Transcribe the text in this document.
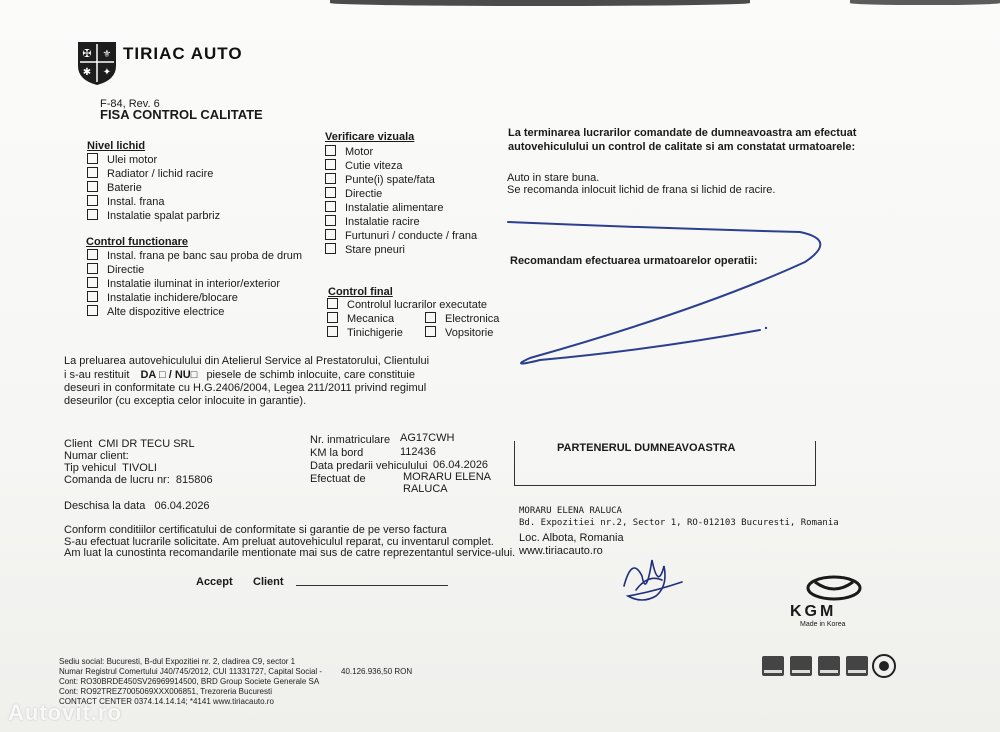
✠ ⚜
✱ ✦
TIRIAC AUTO
F-84, Rev. 6
FISA CONTROL CALITATE
Nivel lichid
Ulei motor
Radiator / lichid racire
Baterie
Instal. frana
Instalatie spalat parbriz
Control functionare
Instal. frana pe banc sau proba de drum
Directie
Instalatie iluminat in interior/exterior
Instalatie inchidere/blocare
Alte dispozitive electrice
Verificare vizuala
Motor
Cutie viteza
Punte(i) spate/fata
Directie
Instalatie alimentare
Instalatie racire
Furtunuri / conducte / frana
Stare pneuri
Control final
Controlul lucrarilor executate
Mecanica	Electronica
Tinichigerie	Vopsitorie
La terminarea lucrarilor comandate de dumneavoastra am efectuat
autovehiculului un control de calitate si am constatat urmatoarele:
Auto in stare buna.
Se recomanda inlocuit lichid de frana si lichid de racire.
Recomandam efectuarea urmatoarelor operatii:
La preluarea autovehiculului din Atelierul Service al Prestatorului, Clientului
i s-au restituit DA □ / NU□ piesele de schimb inlocuite, care constituie
deseuri in conformitate cu H.G.2406/2004, Legea 211/2011 privind regimul
deseurilor (cu exceptia celor inlocuite in garantie).
Client CMI DR TECU SRL
Numar client:
Tip vehicul TIVOLI
Comanda de lucru nr: 815806
Deschisa la data 06.04.2026
Nr. inmatriculare AG17CWH
KM la bord	112436
Data predarii vehiculului 06.04.2026
Efectuat de	MORARU ELENA
RALUCA
PARTENERUL DUMNEAVOASTRA
MORARU ELENA RALUCA
Bd. Expozitiei nr.2, Sector 1, RO-012103 Bucuresti, Romania
Loc. Albota, Romania
www.tiriacauto.ro
Conform conditiilor certificatului de conformitate si garantie de pe verso factura
S-au efectuat lucrarile solicitate. Am preluat autovehiculul reparat, cu inventarul complet.
Am luat la cunostinta recomandarile mentionate mai sus de catre reprezentantul service-ului.
Accept Client
KGM
Made in Korea
Sediu social: Bucuresti, B-dul Expozitiei nr. 2, cladirea C9, sector 1
Numar Registrul Comertului J40/745/2012, CUI 11331727, Capital Social - 40.126.936,50 RON
Cont: RO30BRDE450SV26969914500, BRD Group Societe Generale SA
Cont: RO92TREZ7005069XXX006851, Trezoreria Bucuresti
CONTACT CENTER 0374.14.14.14; *4141 www.tiriacauto.ro
Autovit.ro
